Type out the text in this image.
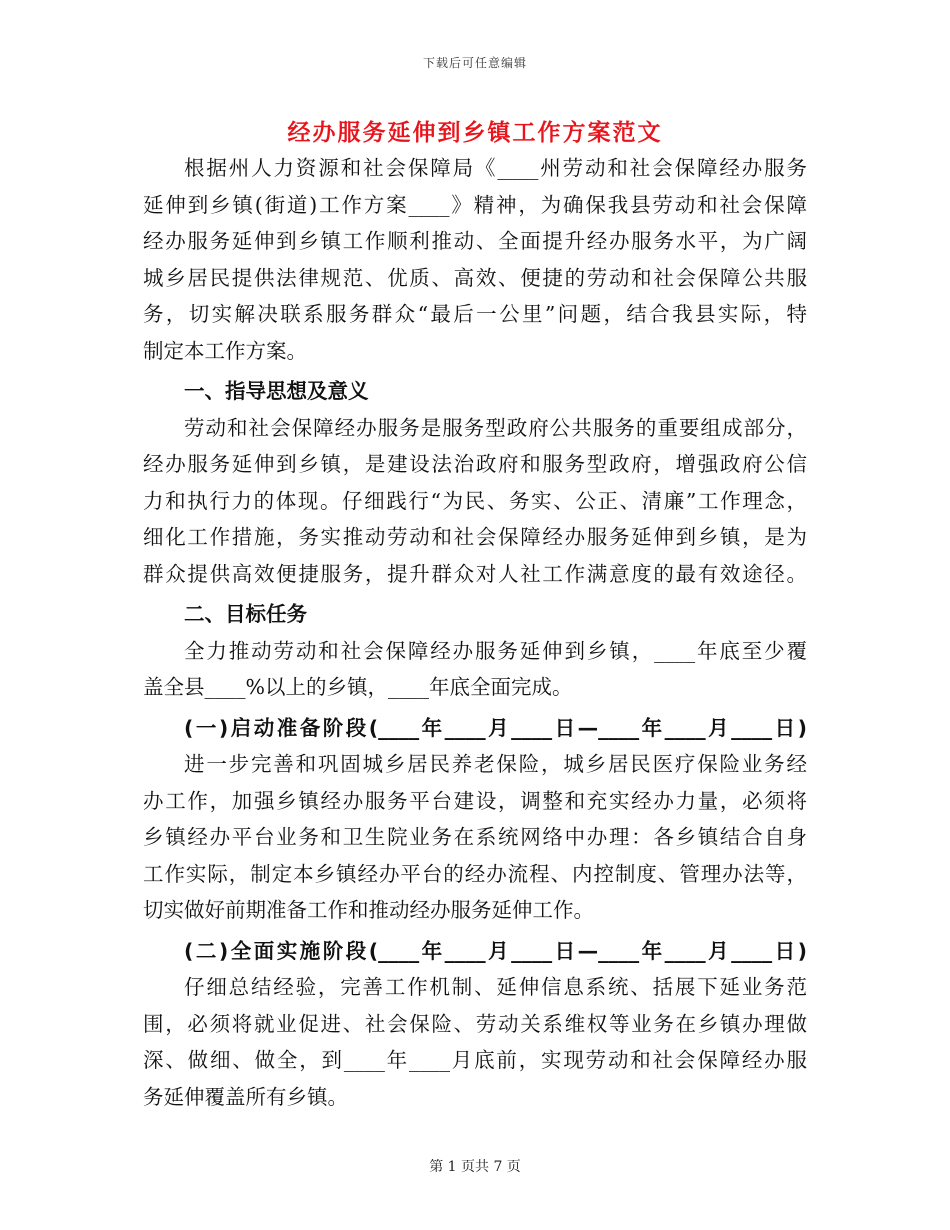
下载后可任意编辑
经办服务延伸到乡镇工作方案范文
根据州人力资源和社会保障局《____州劳动和社会保障经办服务
延伸到乡镇(街道)工作方案____》精神，为确保我县劳动和社会保障
经办服务延伸到乡镇工作顺利推动、全面提升经办服务水平，为广阔
城乡居民提供法律规范、优质、高效、便捷的劳动和社会保障公共服
务，切实解决联系服务群众“最后一公里”问题，结合我县实际，特
制定本工作方案。
一、指导思想及意义
劳动和社会保障经办服务是服务型政府公共服务的重要组成部分，
经办服务延伸到乡镇，是建设法治政府和服务型政府，增强政府公信
力和执行力的体现。仔细践行“为民、务实、公正、清廉”工作理念，
细化工作措施，务实推动劳动和社会保障经办服务延伸到乡镇，是为
群众提供高效便捷服务，提升群众对人社工作满意度的最有效途径。
二、目标任务
全力推动劳动和社会保障经办服务延伸到乡镇，____年底至少覆
盖全县____%以上的乡镇，____年底全面完成。
(一)启动准备阶段(____年____月____日—____年____月____日)
进一步完善和巩固城乡居民养老保险，城乡居民医疗保险业务经
办工作，加强乡镇经办服务平台建设，调整和充实经办力量，必须将
乡镇经办平台业务和卫生院业务在系统网络中办理：各乡镇结合自身
工作实际，制定本乡镇经办平台的经办流程、内控制度、管理办法等，
切实做好前期准备工作和推动经办服务延伸工作。
(二)全面实施阶段(____年____月____日—____年____月____日)
仔细总结经验，完善工作机制、延伸信息系统、括展下延业务范
围，必须将就业促进、社会保险、劳动关系维权等业务在乡镇办理做
深、做细、做全，到____年____月底前，实现劳动和社会保障经办服
务延伸覆盖所有乡镇。
第 1 页共 7 页
